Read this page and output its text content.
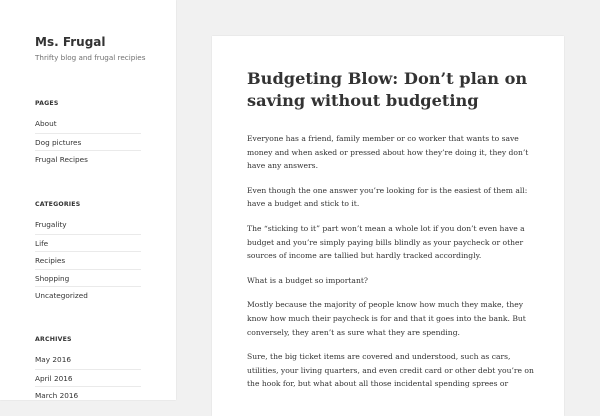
Ms. Frugal
Thrifty blog and frugal recipies
PAGES
About
Dog pictures
Frugal Recipes
CATEGORIES
Frugality
Life
Recipies
Shopping
Uncategorized
ARCHIVES
May 2016
April 2016
March 2016
Budgeting Blow: Don’t plan on saving without budgeting

Everyone has a friend, family member or co worker that wants to save money and when asked or pressed about how they’re doing it, they don’t have any answers.

Even though the one answer you’re looking for is the easiest of them all: have a budget and stick to it.

The “sticking to it” part won’t mean a whole lot if you don’t even have a budget and you’re simply paying bills blindly as your paycheck or other sources of income are tallied but hardly tracked accordingly.

What is a budget so important?

Mostly because the majority of people know how much they make, they know how much their paycheck is for and that it goes into the bank. But conversely, they aren’t as sure what they are spending.

Sure, the big ticket items are covered and understood, such as cars, utilities, your living quarters, and even credit card or other debt you’re on the hook for, but what about all those incidental spending sprees or
